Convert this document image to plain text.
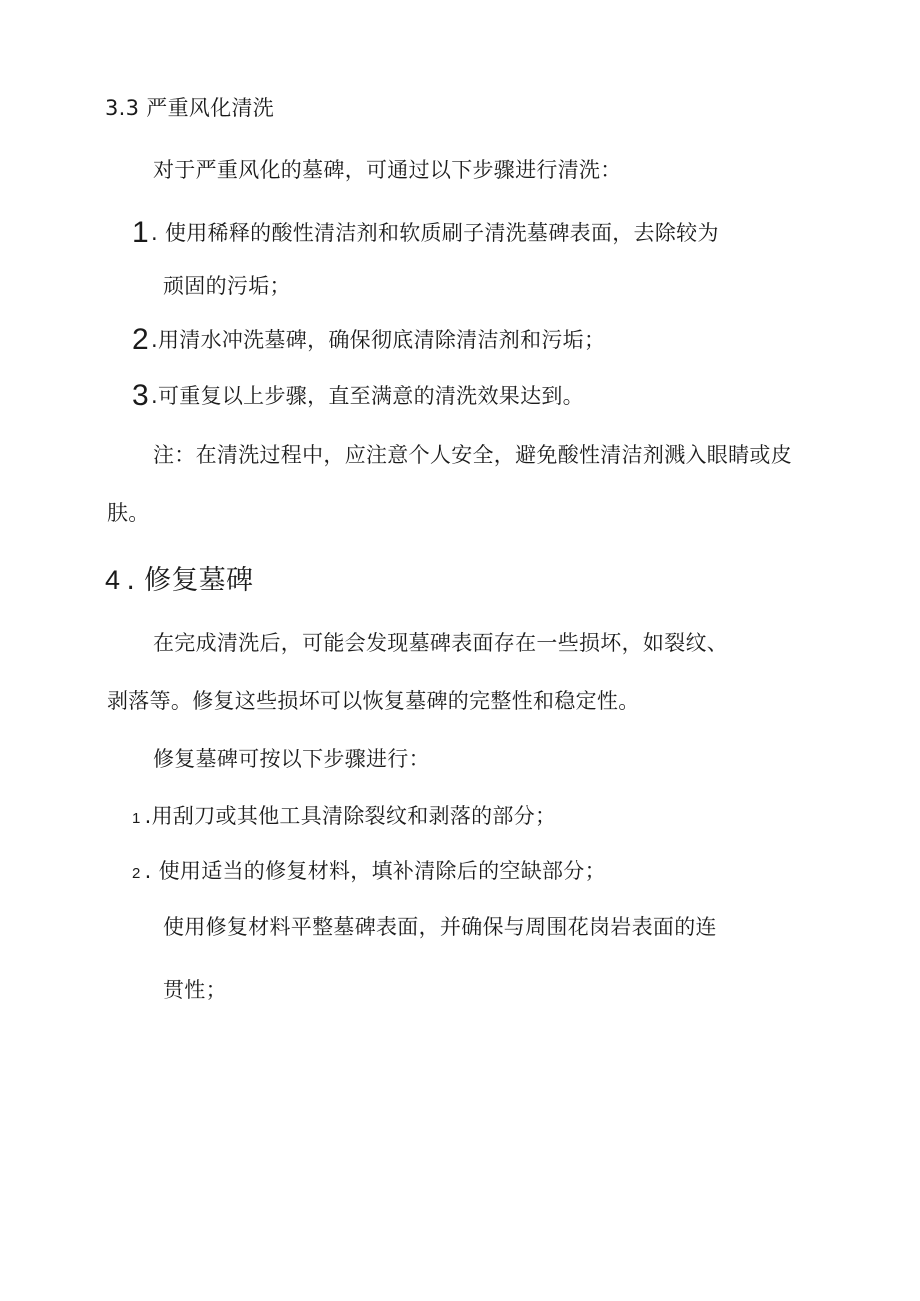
3.3 严重风化清洗
对于严重风化的墓碑，可通过以下步骤进行清洗：
1. 使用稀释的酸性清洁剂和软质刷子清洗墓碑表面，去除较为
顽固的污垢；
2.用清水冲洗墓碑，确保彻底清除清洁剂和污垢；
3.可重复以上步骤，直至满意的清洗效果达到。
注：在清洗过程中，应注意个人安全，避免酸性清洁剂溅入眼睛或皮
肤。
4 . 修复墓碑
在完成清洗后，可能会发现墓碑表面存在一些损坏，如裂纹、
剥落等。修复这些损坏可以恢复墓碑的完整性和稳定性。
修复墓碑可按以下步骤进行：
1 .用刮刀或其他工具清除裂纹和剥落的部分；
2 . 使用适当的修复材料，填补清除后的空缺部分；
使用修复材料平整墓碑表面，并确保与周围花岗岩表面的连
贯性；
